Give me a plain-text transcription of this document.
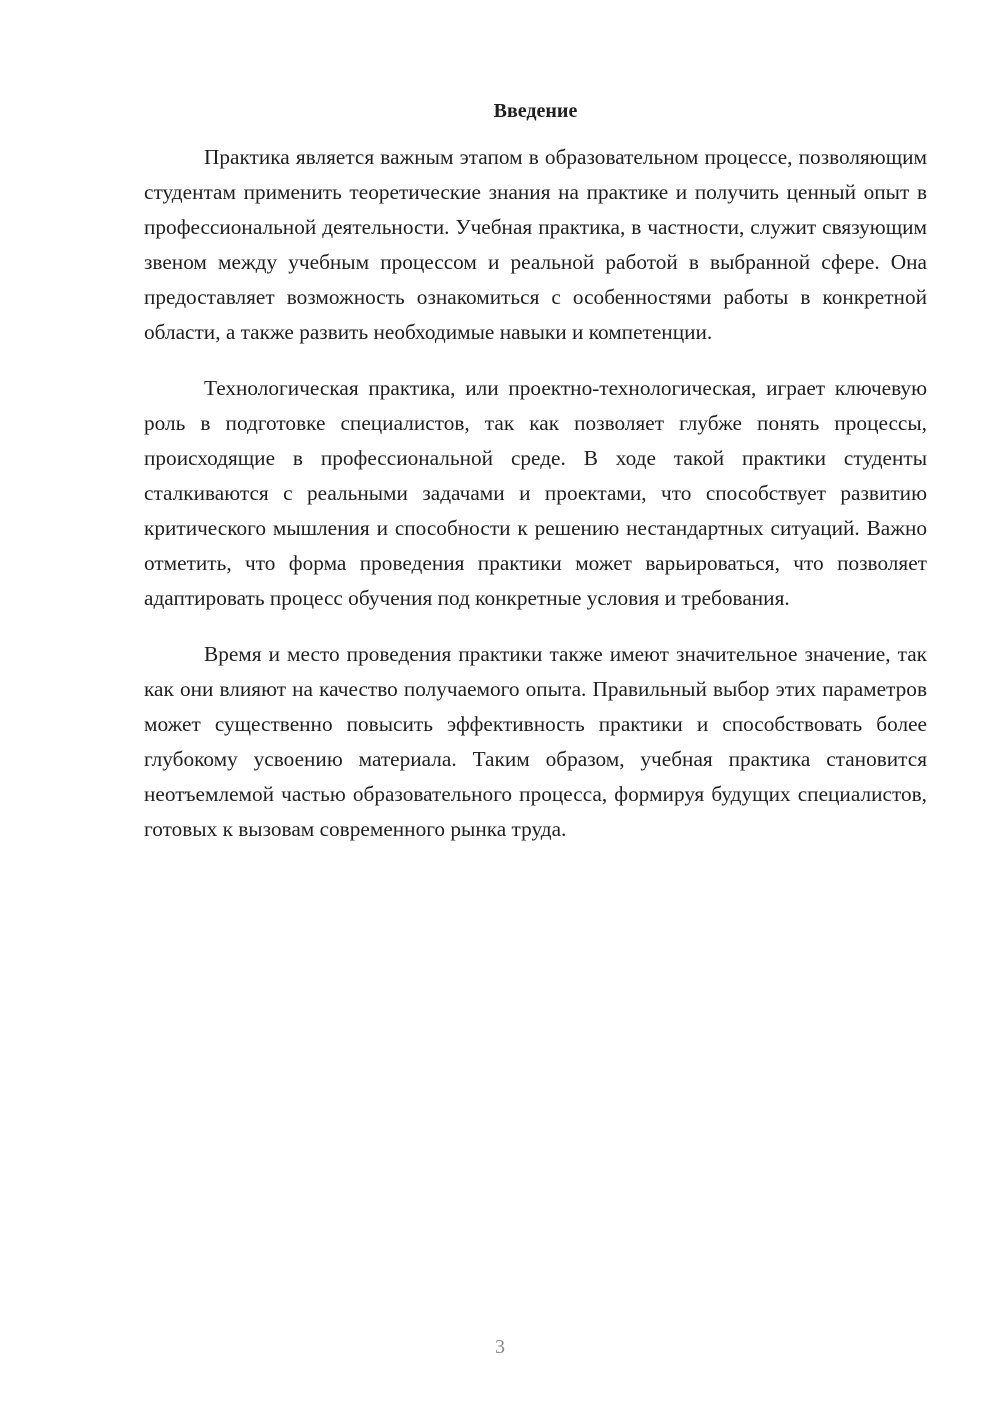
Введение

Практика является важным этапом в образовательном процессе, позволяющим студентам применить теоретические знания на практике и получить ценный опыт в профессиональной деятельности. Учебная практика, в частности, служит связующим звеном между учебным процессом и реальной работой в выбранной сфере. Она предоставляет возможность ознакомиться с особенностями работы в конкретной области, а также развить необходимые навыки и компетенции.

Технологическая практика, или проектно-технологическая, играет ключевую роль в подготовке специалистов, так как позволяет глубже понять процессы, происходящие в профессиональной среде. В ходе такой практики студенты сталкиваются с реальными задачами и проектами, что способствует развитию критического мышления и способности к решению нестандартных ситуаций. Важно отметить, что форма проведения практики может варьироваться, что позволяет адаптировать процесс обучения под конкретные условия и требования.

Время и место проведения практики также имеют значительное значение, так как они влияют на качество получаемого опыта. Правильный выбор этих параметров может существенно повысить эффективность практики и способствовать более глубокому усвоению материала. Таким образом, учебная практика становится неотъемлемой частью образовательного процесса, формируя будущих специалистов, готовых к вызовам современного рынка труда.

3
